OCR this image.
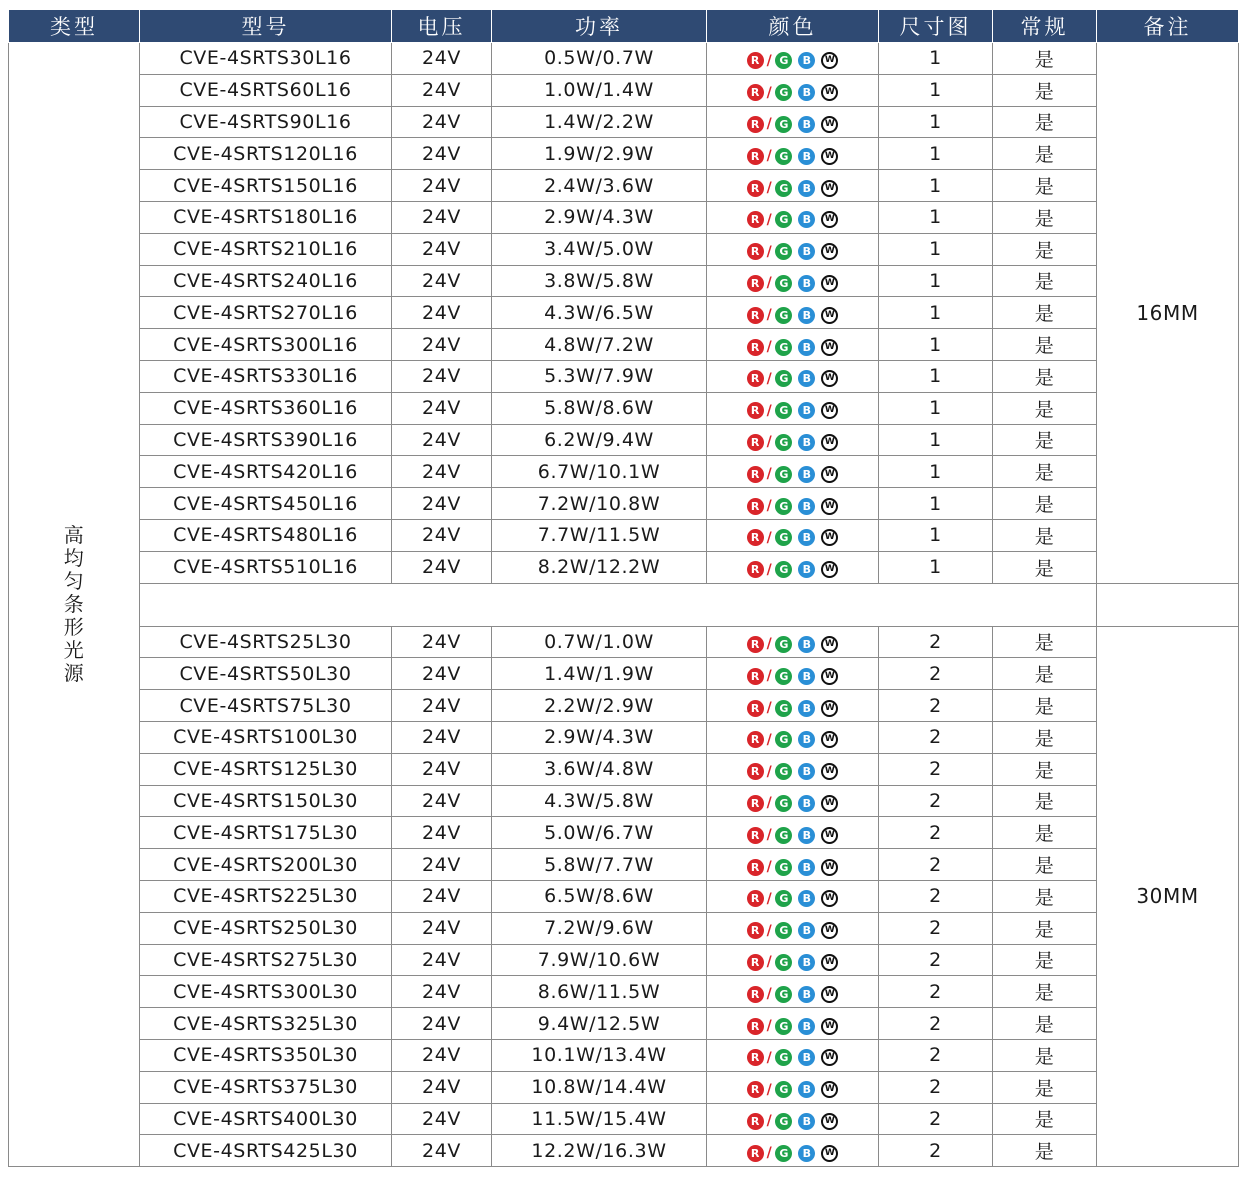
类型	型号	电压	功率	颜色	尺寸图	常规	备注
高均匀条形光源	CVE-4SRTS30L16	24V	0.5W/0.7W	R / G B W	1	是	16MM
	CVE-4SRTS60L16	24V	1.0W/1.4W	R / G B W	1	是	
	CVE-4SRTS90L16	24V	1.4W/2.2W	R / G B W	1	是	
	CVE-4SRTS120L16	24V	1.9W/2.9W	R / G B W	1	是	
	CVE-4SRTS150L16	24V	2.4W/3.6W	R / G B W	1	是	
	CVE-4SRTS180L16	24V	2.9W/4.3W	R / G B W	1	是	
	CVE-4SRTS210L16	24V	3.4W/5.0W	R / G B W	1	是	
	CVE-4SRTS240L16	24V	3.8W/5.8W	R / G B W	1	是	
	CVE-4SRTS270L16	24V	4.3W/6.5W	R / G B W	1	是	
	CVE-4SRTS300L16	24V	4.8W/7.2W	R / G B W	1	是	
	CVE-4SRTS330L16	24V	5.3W/7.9W	R / G B W	1	是	
	CVE-4SRTS360L16	24V	5.8W/8.6W	R / G B W	1	是	
	CVE-4SRTS390L16	24V	6.2W/9.4W	R / G B W	1	是	
	CVE-4SRTS420L16	24V	6.7W/10.1W	R / G B W	1	是	
	CVE-4SRTS450L16	24V	7.2W/10.8W	R / G B W	1	是	
	CVE-4SRTS480L16	24V	7.7W/11.5W	R / G B W	1	是	
	CVE-4SRTS510L16	24V	8.2W/12.2W	R / G B W	1	是	

	CVE-4SRTS25L30	24V	0.7W/1.0W	R / G B W	2	是	30MM
	CVE-4SRTS50L30	24V	1.4W/1.9W	R / G B W	2	是	
	CVE-4SRTS75L30	24V	2.2W/2.9W	R / G B W	2	是	
	CVE-4SRTS100L30	24V	2.9W/4.3W	R / G B W	2	是	
	CVE-4SRTS125L30	24V	3.6W/4.8W	R / G B W	2	是	
	CVE-4SRTS150L30	24V	4.3W/5.8W	R / G B W	2	是	
	CVE-4SRTS175L30	24V	5.0W/6.7W	R / G B W	2	是	
	CVE-4SRTS200L30	24V	5.8W/7.7W	R / G B W	2	是	
	CVE-4SRTS225L30	24V	6.5W/8.6W	R / G B W	2	是	
	CVE-4SRTS250L30	24V	7.2W/9.6W	R / G B W	2	是	
	CVE-4SRTS275L30	24V	7.9W/10.6W	R / G B W	2	是	
	CVE-4SRTS300L30	24V	8.6W/11.5W	R / G B W	2	是	
	CVE-4SRTS325L30	24V	9.4W/12.5W	R / G B W	2	是	
	CVE-4SRTS350L30	24V	10.1W/13.4W	R / G B W	2	是	
	CVE-4SRTS375L30	24V	10.8W/14.4W	R / G B W	2	是	
	CVE-4SRTS400L30	24V	11.5W/15.4W	R / G B W	2	是	
	CVE-4SRTS425L30	24V	12.2W/16.3W	R / G B W	2	是	
